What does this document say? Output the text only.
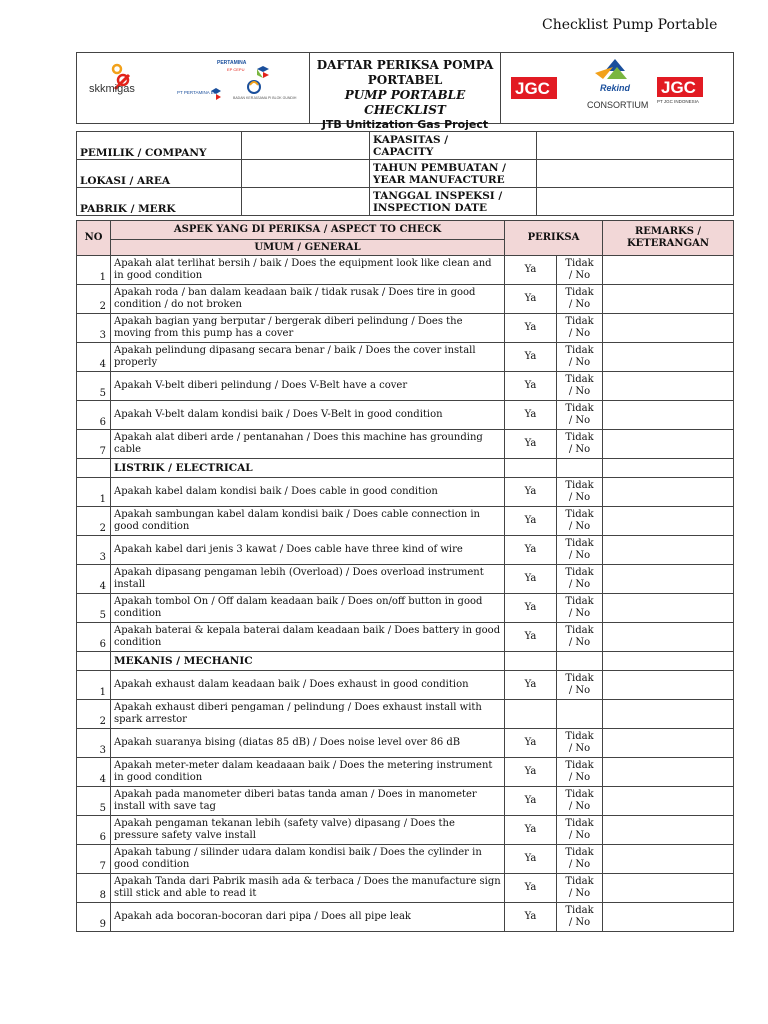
Checklist Pump Portable
skkmigas
PERTAMINA
EP CEPU
PT PERTAMINA EP
BADAN KERJASAMA PI BLOK GUNDIH

DAFTAR PERIKSA POMPA
PORTABEL
PUMP PORTABLE CHECKLIST

JGC	Rekind
CONSORTIUM
JGC
PT JGC INDONESIA
JTB Unitization Gas Project
PEMILIK / COMPANY		KAPASITAS /
CAPACITY	

LOKASI / AREA		TAHUN PEMBUATAN /
YEAR MANUFACTURE	

PABRIK / MERK		TANGGAL INSPEKSI /
INSPECTION DATE	

NO	ASPEK YANG DI PERIKSA / ASPECT TO CHECK	PERIKSA		REMARKS /
KETERANGAN

	UMUM / GENERAL			
1	Apakah alat terlihat bersih / baik / Does the equipment look like clean and in good condition	Ya	Tidak
/ No	

2	Apakah roda / ban dalam keadaan baik / tidak rusak / Does tire in good condition / do not broken	Ya	Tidak
/ No	

3	Apakah bagian yang berputar / bergerak diberi pelindung / Does the moving from this pump has a cover	Ya	Tidak
/ No	

4	Apakah pelindung dipasang secara benar / baik / Does the cover install properly	Ya	Tidak
/ No	

5	Apakah V-belt diberi pelindung / Does V-Belt have a cover	Ya	Tidak
/ No	

6	Apakah V-belt dalam kondisi baik / Does V-Belt in good condition	Ya	Tidak
/ No	

7	Apakah alat diberi arde / pentanahan / Does this machine has grounding cable	Ya	Tidak
/ No	

	LISTRIK / ELECTRICAL			
1	Apakah kabel dalam kondisi baik / Does cable in good condition	Ya	Tidak
/ No	

2	Apakah sambungan kabel dalam kondisi baik / Does cable connection in good condition	Ya	Tidak
/ No	

3	Apakah kabel dari jenis 3 kawat / Does cable have three kind of wire	Ya	Tidak
/ No	

4	Apakah dipasang pengaman lebih (Overload) / Does overload instrument install	Ya	Tidak
/ No	

5	Apakah tombol On / Off dalam keadaan baik / Does on/off button in good condition	Ya	Tidak
/ No	

6	Apakah baterai & kepala baterai dalam keadaan baik / Does battery in good condition	Ya	Tidak
/ No	

	MEKANIS / MECHANIC			
1	Apakah exhaust dalam keadaan baik / Does exhaust in good condition	Ya	Tidak
/ No	

2	Apakah exhaust diberi pengaman / pelindung / Does exhaust install with spark arrestor			
3	Apakah suaranya bising (diatas 85 dB) / Does noise level over 86 dB	Ya	Tidak
/ No	

4	Apakah meter-meter dalam keadaaan baik / Does the metering instrument in good condition	Ya	Tidak
/ No	

5	Apakah pada manometer diberi batas tanda aman / Does in manometer install with save tag	Ya	Tidak
/ No	

6	Apakah pengaman tekanan lebih (safety valve) dipasang / Does the pressure safety valve install	Ya	Tidak
/ No	

7	Apakah tabung / silinder udara dalam kondisi baik / Does the cylinder in good condition	Ya	Tidak
/ No	

8	Apakah Tanda dari Pabrik masih ada & terbaca / Does the manufacture sign still stick and able to read it	Ya	Tidak
/ No	

9	Apakah ada bocoran-bocoran dari pipa / Does all pipe leak	Ya	Tidak
/ No	
